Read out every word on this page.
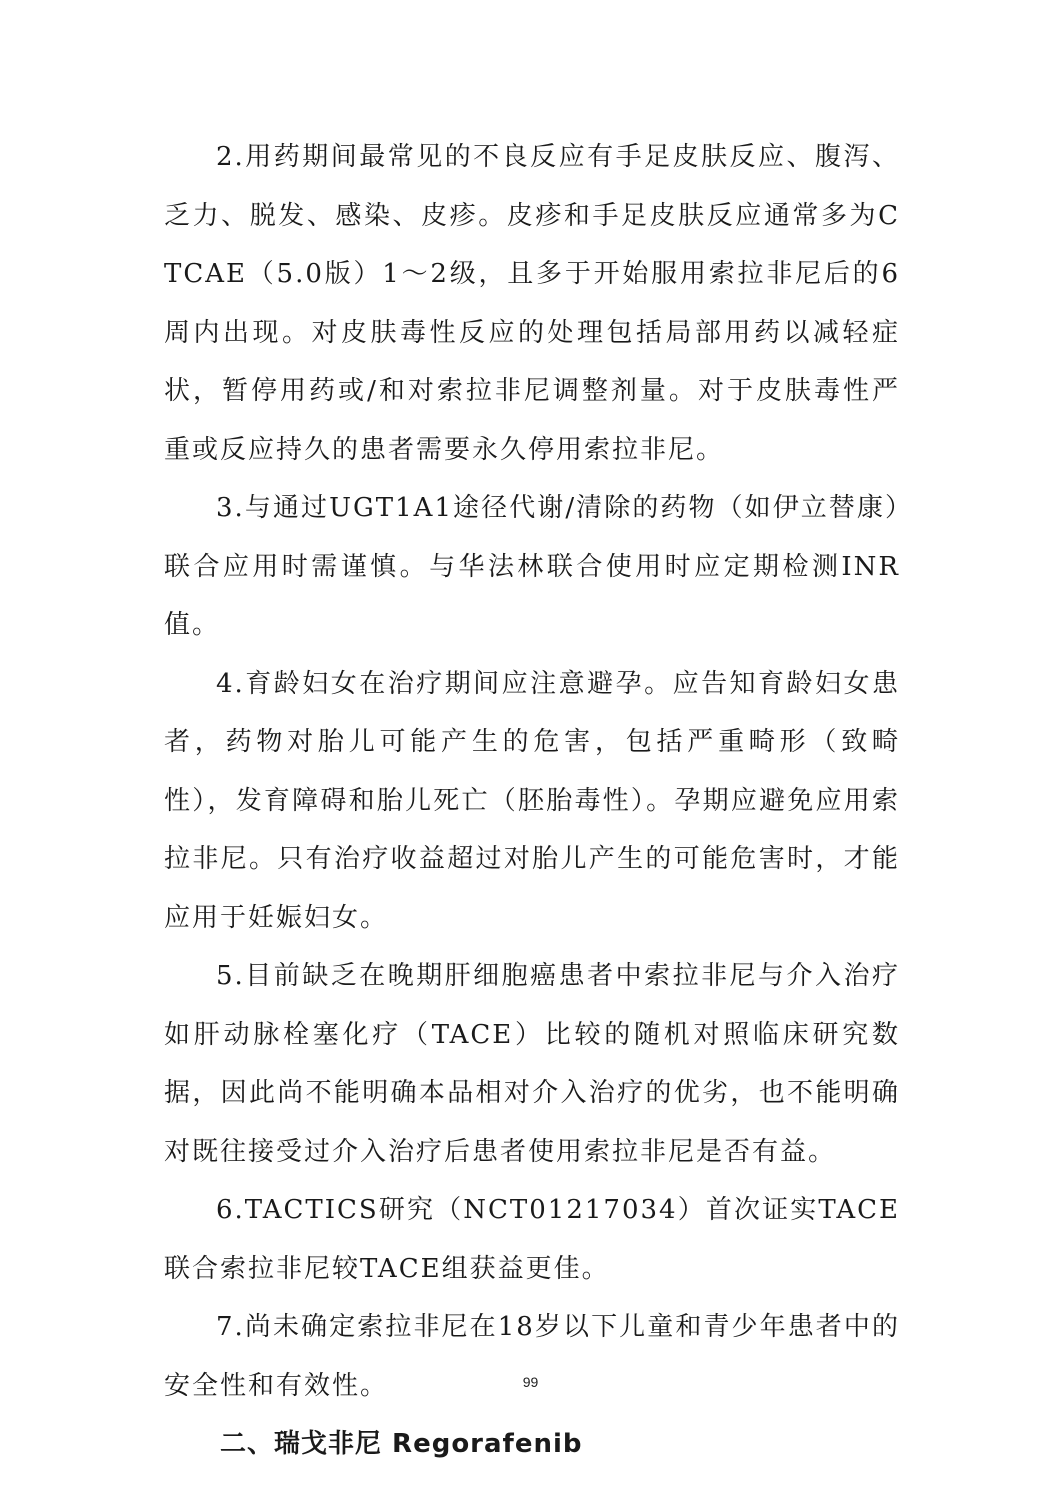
2.用药期间最常见的不良反应有手足皮肤反应、腹泻、乏力、脱发、感染、皮疹。皮疹和手足皮肤反应通常多为CTCAE（5.0版）1～2级，且多于开始服用索拉非尼后的6周内出现。对皮肤毒性反应的处理包括局部用药以减轻症状，暂停用药或/和对索拉非尼调整剂量。对于皮肤毒性严重或反应持久的患者需要永久停用索拉非尼。

3.与通过UGT1A1途径代谢/清除的药物（如伊立替康）联合应用时需谨慎。与华法林联合使用时应定期检测INR值。

4.育龄妇女在治疗期间应注意避孕。应告知育龄妇女患者，药物对胎儿可能产生的危害，包括严重畸形（致畸性），发育障碍和胎儿死亡（胚胎毒性）。孕期应避免应用索拉非尼。只有治疗收益超过对胎儿产生的可能危害时，才能应用于妊娠妇女。

5.目前缺乏在晚期肝细胞癌患者中索拉非尼与介入治疗如肝动脉栓塞化疗（TACE）比较的随机对照临床研究数据，因此尚不能明确本品相对介入治疗的优劣，也不能明确对既往接受过介入治疗后患者使用索拉非尼是否有益。

6.TACTICS研究（NCT01217034）首次证实TACE联合索拉非尼较TACE组获益更佳。

7.尚未确定索拉非尼在18岁以下儿童和青少年患者中的安全性和有效性。

二、瑞戈非尼 Regorafenib

99
